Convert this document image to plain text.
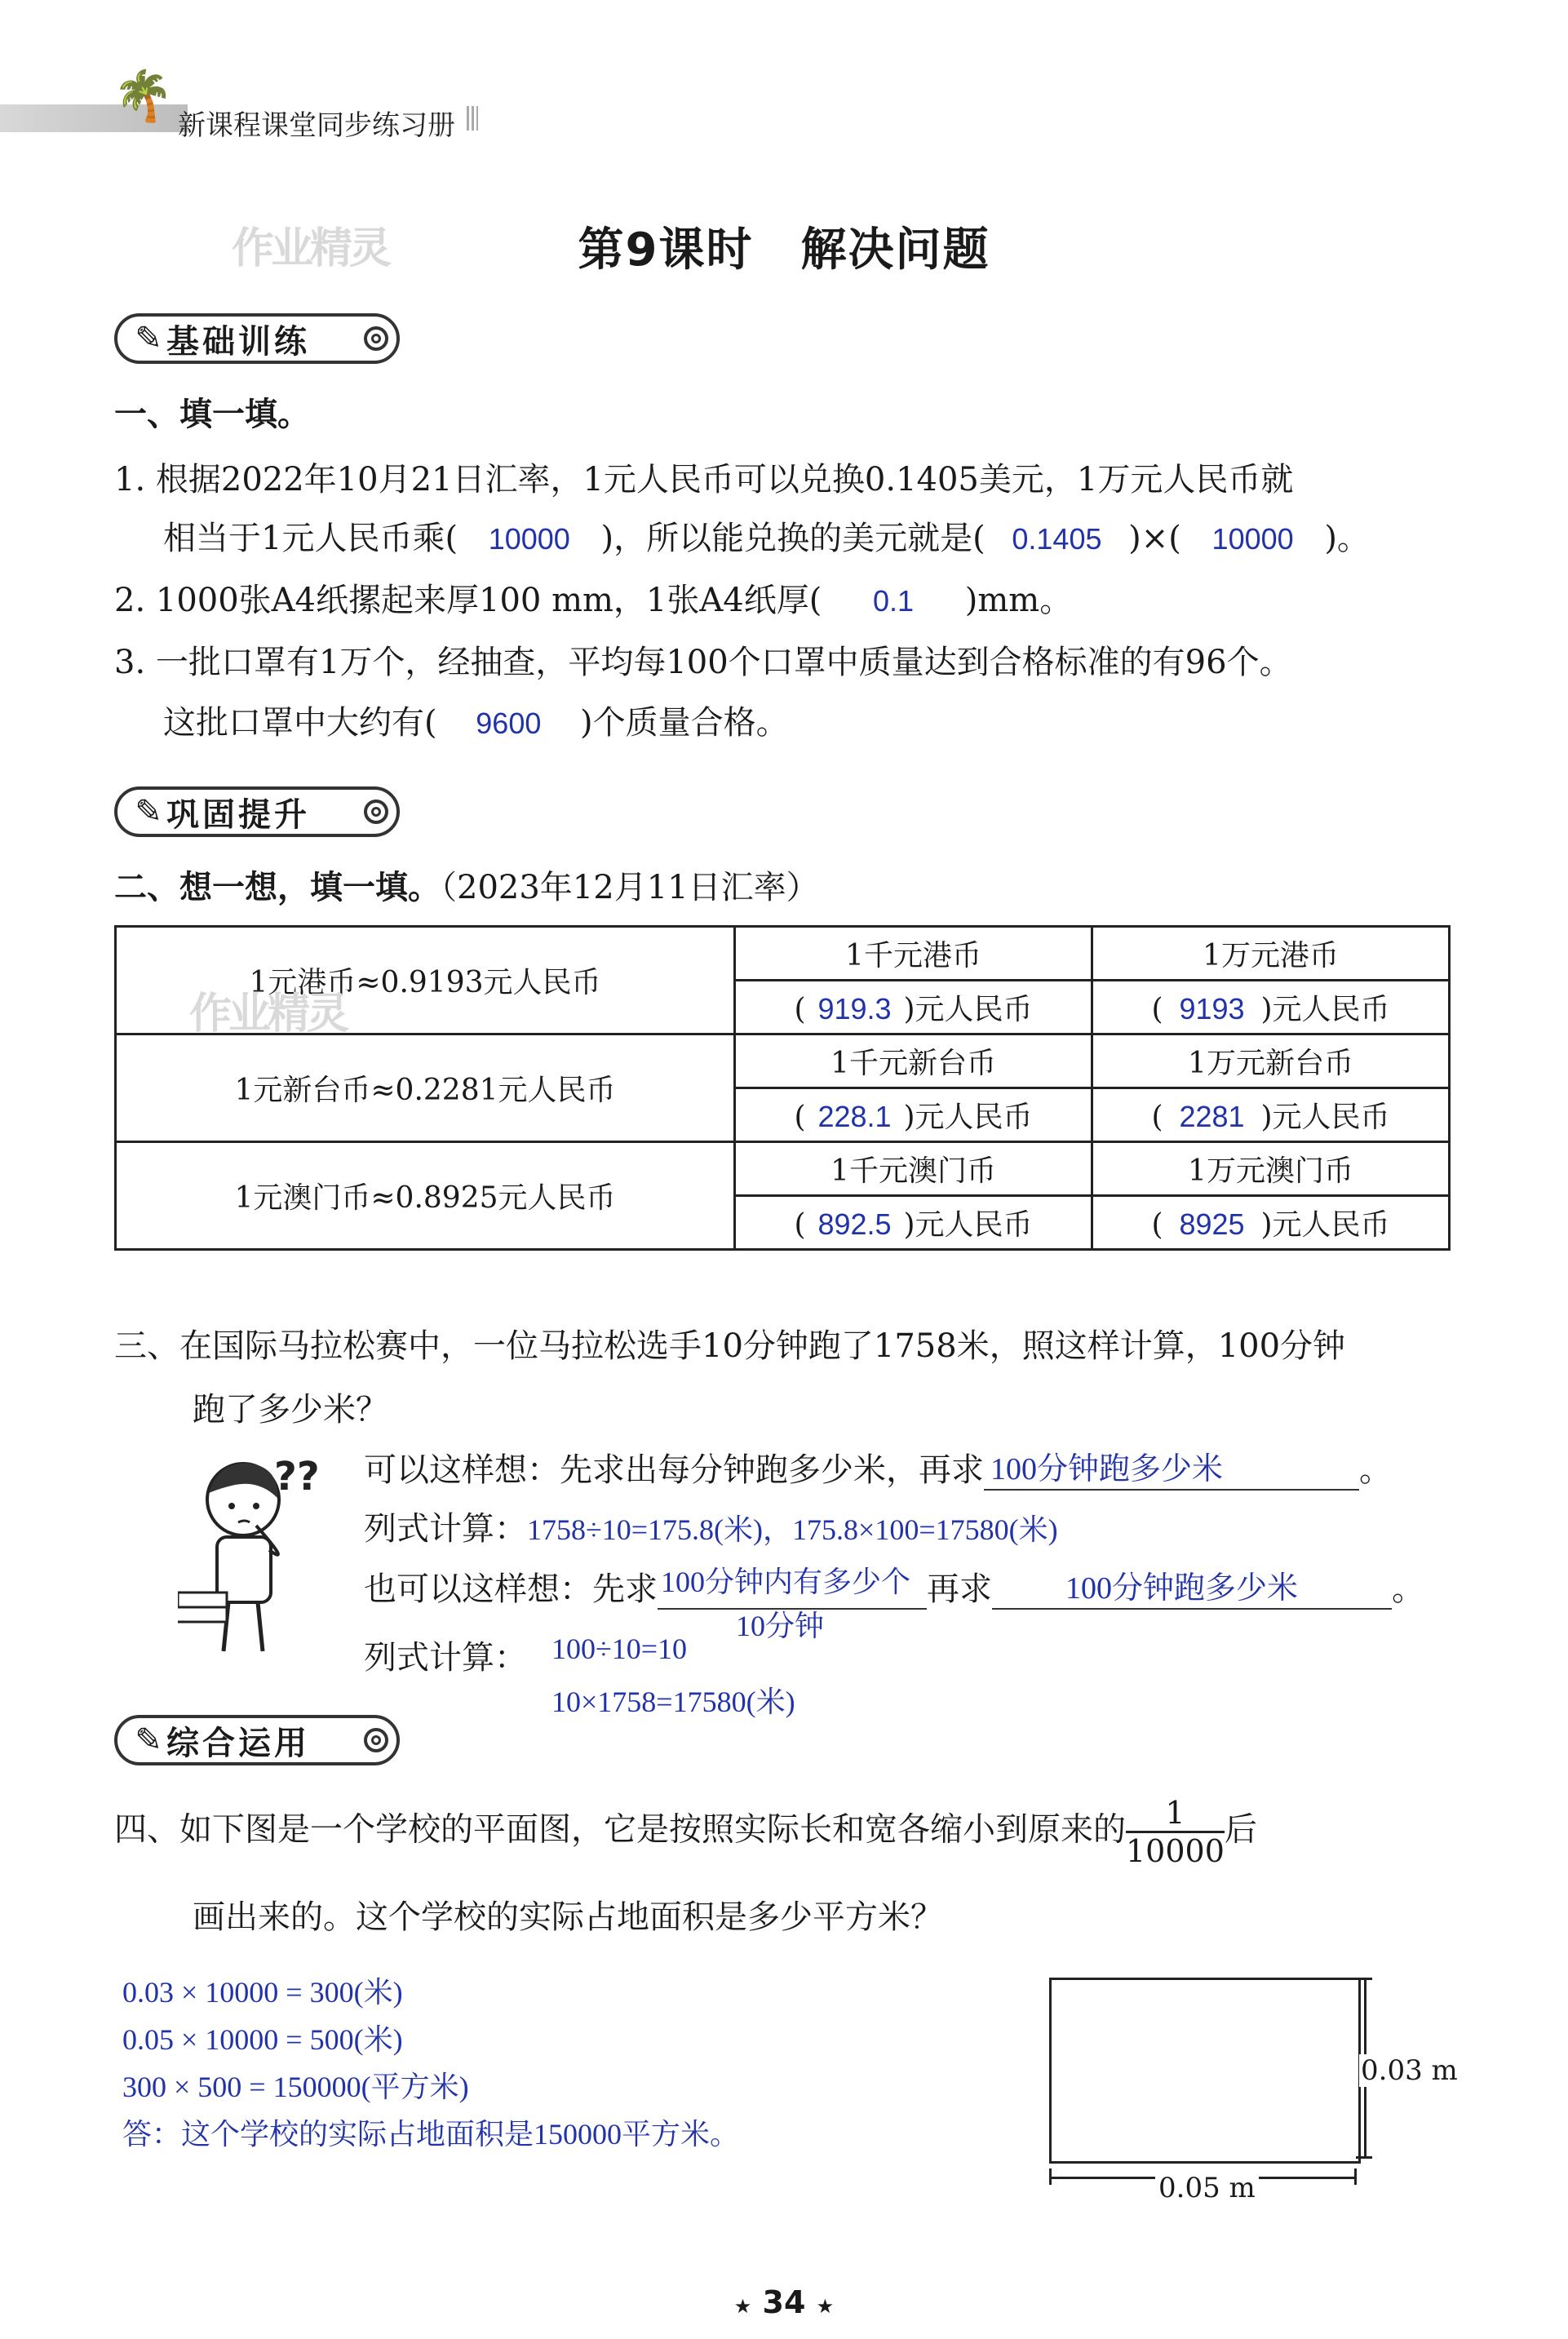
🌴
新课程课堂同步练习册
第9课时　解决问题
作业精灵
✎ 基础训练
一、填一填。
1. 根据2022年10月21日汇率，1元人民币可以兑换0.1405美元，1万元人民币就
相当于1元人民币乘( 10000 )，所以能兑换的美元就是( 0.1405 )×( 10000 )。
2. 1000张A4纸摞起来厚100 mm，1张A4纸厚( 0.1 )mm。
3. 一批口罩有1万个，经抽查，平均每100个口罩中质量达到合格标准的有96个。
这批口罩中大约有( 9600 )个质量合格。
✎ 巩固提升
二、想一想，填一填。（2023年12月11日汇率）
1元港币≈0.9193元人民币	1千元港币	1万元港币
	( 919.3 )元人民币	( 9193 )元人民币
1元新台币≈0.2281元人民币	1千元新台币	1万元新台币
	( 228.1 )元人民币	( 2281 )元人民币
1元澳门币≈0.8925元人民币	1千元澳门币	1万元澳门币
	( 892.5 )元人民币	( 8925 )元人民币
作业精灵
三、在国际马拉松赛中，一位马拉松选手10分钟跑了1758米，照这样计算，100分钟
跑了多少米？
?? 可以这样想：先求出每分钟跑多少米，再求 100分钟跑多少米	。
列式计算：1758÷10=175.8(米)，175.8×100=17580(米)
也可以这样想：先求 100分钟内有多少个
10分钟
再求 100分钟跑多少米	。
列式计算： 100÷10=10
10×1758=17580(米)
✎ 综合运用
四、如下图是一个学校的平面图，它是按照实际长和宽各缩小到原来的 $\frac{1}{10000}$ 后
画出来的。这个学校的实际占地面积是多少平方米？
0.03 × 10000 = 300(米)
0.05 × 10000 = 500(米)
300 × 500 = 150000(平方米)
答：这个学校的实际占地面积是150000平方米。
0.03 m
0.05 m
★ 34 ★
